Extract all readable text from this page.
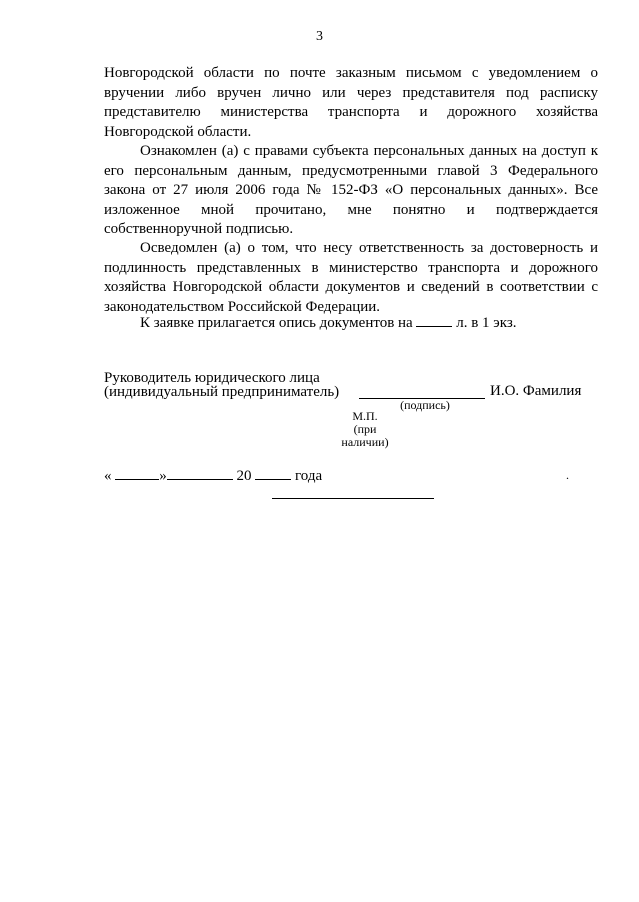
3
Новгородской области по почте заказным письмом с уведомлением о вручении либо вручен лично или через представителя под расписку представителю министерства транспорта и дорожного хозяйства Новгородской области.
Ознакомлен (а) с правами субъекта персональных данных на доступ к его персональным данным, предусмотренными главой 3 Федерального закона от 27 июля 2006 года № 152-ФЗ «О персональных данных». Все изложенное мной прочитано, мне понятно и подтверждается собственноручной подписью.
Осведомлен (а) о том, что несу ответственность за достоверность и подлинность представленных в министерство транспорта и дорожного хозяйства Новгородской области документов и сведений в соответствии с законодательством Российской Федерации.
К заявке прилагается опись документов на	л. в 1 экз.
Руководитель юридического лица
(индивидуальный предприниматель)	И.О. Фамилия
(подпись)
М.П.
(при
наличии)
«	»	20	года	.
